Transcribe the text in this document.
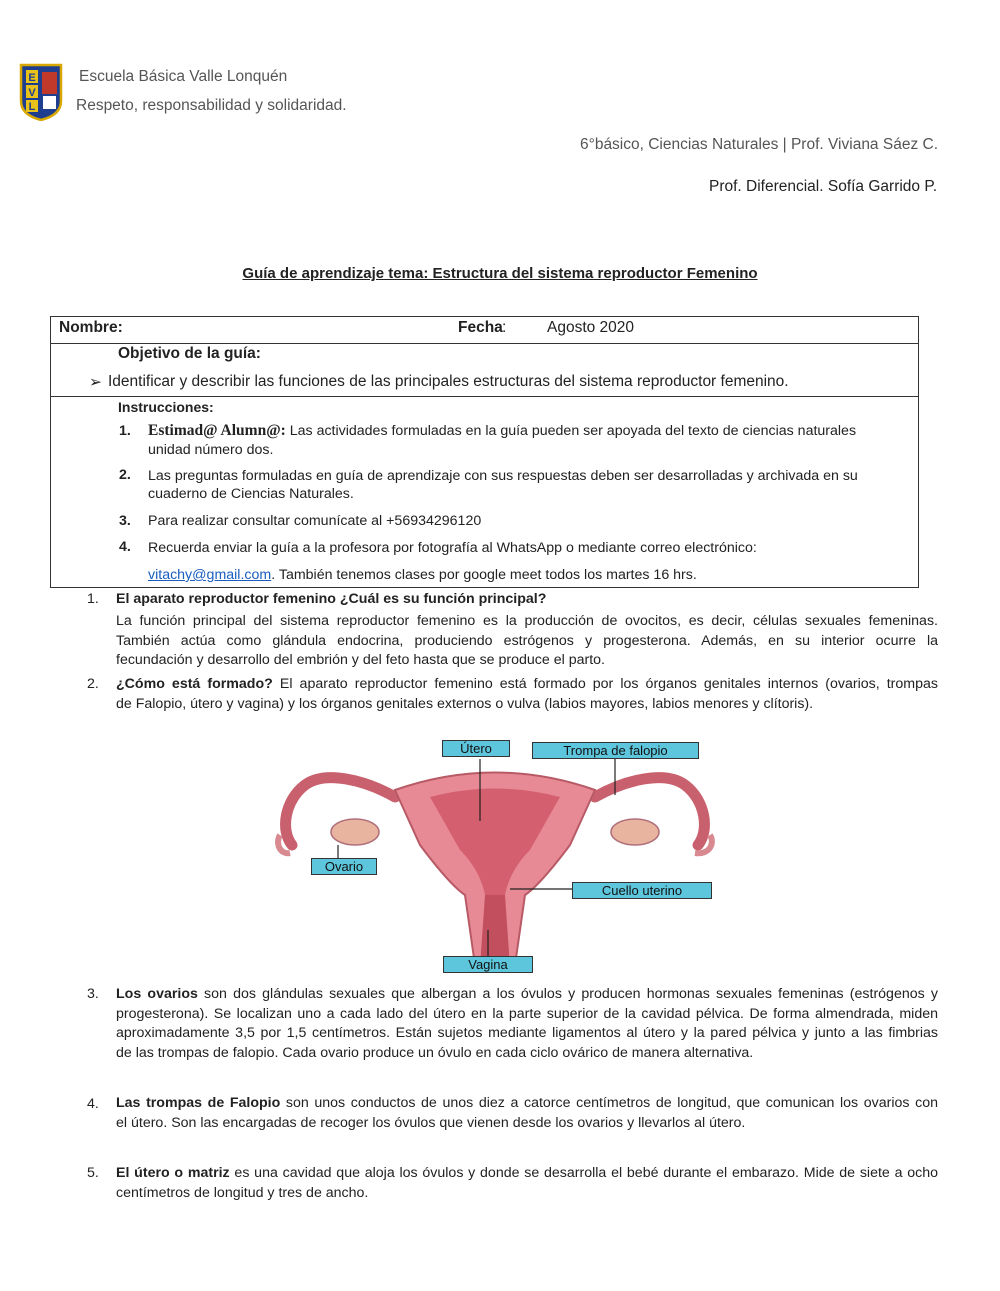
E
V
L
Escuela Básica Valle Lonquén
Respeto, responsabilidad y solidaridad.
6°básico, Ciencias Naturales | Prof. Viviana Sáez C.
Prof. Diferencial. Sofía Garrido P.
Guía de aprendizaje tema: Estructura del sistema reproductor Femenino
Nombre:	Fecha :	Agosto 2020
Objetivo de la guía:
➢ Identificar y describir las funciones de las principales estructuras del sistema reproductor femenino.
Instrucciones:
1. Estimad@ Alumn@: Las actividades formuladas en la guía pueden ser apoyada del texto de ciencias naturales
unidad número dos.
2. Las preguntas formuladas en guía de aprendizaje con sus respuestas deben ser desarrolladas y archivada en su
cuaderno de Ciencias Naturales.
3. Para realizar consultar comunícate al +56934296120
4. Recuerda enviar la guía a la profesora por fotografía al WhatsApp o mediante correo electrónico:
vitachy@gmail.com. También tenemos clases por google meet todos los martes 16 hrs.
1. El aparato reproductor femenino ¿Cuál es su función principal?
La función principal del sistema reproductor femenino es la producción de ovocitos, es decir, células sexuales femeninas.
También actúa como glándula endocrina, produciendo estrógenos y progesterona. Además, en su interior ocurre la
fecundación y desarrollo del embrión y del feto hasta que se produce el parto.
2. ¿Cómo está formado? El aparato reproductor femenino está formado por los órganos genitales internos (ovarios, trompas
de Falopio, útero y vagina) y los órganos genitales externos o vulva (labios mayores, labios menores y clítoris).
Útero	Trompa de falopio
Ovario
Cuello uterino
Vagina
3. Los ovarios son dos glándulas sexuales que albergan a los óvulos y producen hormonas sexuales femeninas (estrógenos y
progesterona). Se localizan uno a cada lado del útero en la parte superior de la cavidad pélvica. De forma almendrada, miden
aproximadamente 3,5 por 1,5 centímetros. Están sujetos mediante ligamentos al útero y la pared pélvica y junto a las fimbrias
de las trompas de falopio. Cada ovario produce un óvulo en cada ciclo ovárico de manera alternativa.
4. Las trompas de Falopio son unos conductos de unos diez a catorce centímetros de longitud, que comunican los ovarios con
el útero. Son las encargadas de recoger los óvulos que vienen desde los ovarios y llevarlos al útero.
5. El útero o matriz es una cavidad que aloja los óvulos y donde se desarrolla el bebé durante el embarazo. Mide de siete a ocho
centímetros de longitud y tres de ancho.
